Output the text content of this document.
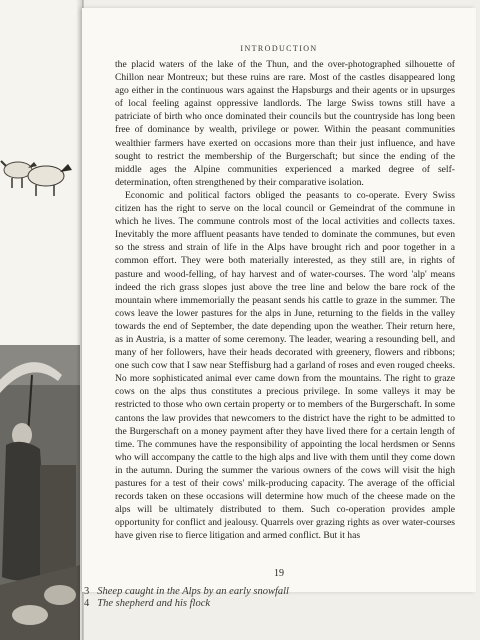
INTRODUCTION

the placid waters of the lake of the Thun, and the over-photographed silhouette of Chillon near Montreux; but these ruins are rare. Most of the castles disappeared long ago either in the continuous wars against the Hapsburgs and their agents or in upsurges of local feeling against oppressive landlords. The large Swiss towns still have a patriciate of birth who once dominated their councils but the countryside has long been free of dominance by wealth, privilege or power. Within the peasant communities wealthier farmers have exerted on occasions more than their just influence, and have sought to restrict the membership of the Burgerschaft; but since the ending of the middle ages the Alpine communities experienced a marked degree of self-determination, often strengthened by their comparative isolation.

Economic and political factors obliged the peasants to co-operate. Every Swiss citizen has the right to serve on the local council or Gemeindrat of the commune in which he lives. The commune controls most of the local activities and collects taxes. Inevitably the more affluent peasants have tended to dominate the communes, but even so the stress and strain of life in the Alps have brought rich and poor together in a common effort. They were both materially interested, as they still are, in rights of pasture and wood-felling, of hay harvest and of water-courses. The word 'alp' means indeed the rich grass slopes just above the tree line and below the bare rock of the mountain where immemorially the peasant sends his cattle to graze in the summer. The cows leave the lower pastures for the alps in June, returning to the fields in the valley towards the end of September, the date depending upon the weather. Their return here, as in Austria, is a matter of some ceremony. The leader, wearing a resounding bell, and many of her followers, have their heads decorated with greenery, flowers and ribbons; one such cow that I saw near Steffisburg had a garland of roses and even rouged cheeks. No more sophisticated animal ever came down from the mountains. The right to graze cows on the alps thus constitutes a precious privilege. In some valleys it may be restricted to those who own certain property or to members of the Burgerschaft. In some cantons the law provides that newcomers to the district have the right to be admitted to the Burgerschaft on a money payment after they have lived there for a certain length of time. The communes have the responsibility of appointing the local herdsmen or Senns who will accompany the cattle to the high alps and live with them until they come down in the autumn. During the summer the various owners of the cows will visit the high pastures for a test of their cows' milk-producing capacity. The average of the official records taken on these occasions will determine how much of the cheese made on the alps will be ultimately distributed to them. Such co-operation provides ample opportunity for conflict and jealousy. Quarrels over grazing rights as over water-courses have given rise to fierce litigation and armed conflict. But it has

19
3 Sheep caught in the Alps by an early snowfall
4 The shepherd and his flock
